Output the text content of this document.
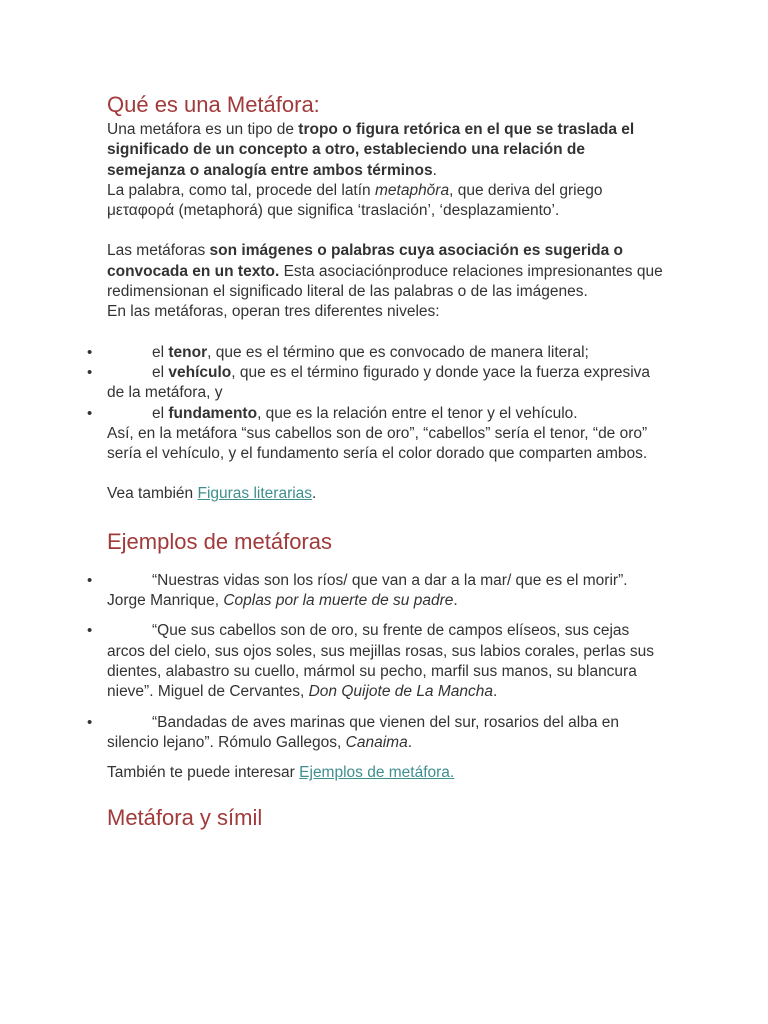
Qué es una Metáfora:

Una metáfora es un tipo de tropo o figura retórica en el que se traslada el significado de un concepto a otro, estableciendo una relación de semejanza o analogía entre ambos términos.

La palabra, como tal, procede del latín metaphŏra, que deriva del griego μεταφορά (metaphorá) que significa ‘traslación’, ‘desplazamiento’.

Las metáforas son imágenes o palabras cuya asociación es sugerida o convocada en un texto. Esta asociaciónproduce relaciones impresionantes que redimensionan el significado literal de las palabras o de las imágenes.

En las metáforas, operan tres diferentes niveles:

•	el tenor, que es el término que es convocado de manera literal;
•	el vehículo, que es el término figurado y donde yace la fuerza expresiva de la metáfora, y
•	el fundamento, que es la relación entre el tenor y el vehículo.

Así, en la metáfora “sus cabellos son de oro”, “cabellos” sería el tenor, “de oro” sería el vehículo, y el fundamento sería el color dorado que comparten ambos.

Vea también Figuras literarias.

Ejemplos de metáforas
•	“Nuestras vidas son los ríos/ que van a dar a la mar/ que es el morir”. Jorge Manrique, Coplas por la muerte de su padre.
•	“Que sus cabellos son de oro, su frente de campos elíseos, sus cejas arcos del cielo, sus ojos soles, sus mejillas rosas, sus labios corales, perlas sus dientes, alabastro su cuello, mármol su pecho, marfil sus manos, su blancura nieve”. Miguel de Cervantes, Don Quijote de La Mancha.
•	“Bandadas de aves marinas que vienen del sur, rosarios del alba en silencio lejano”. Rómulo Gallegos, Canaima.

También te puede interesar Ejemplos de metáfora.

Metáfora y símil
